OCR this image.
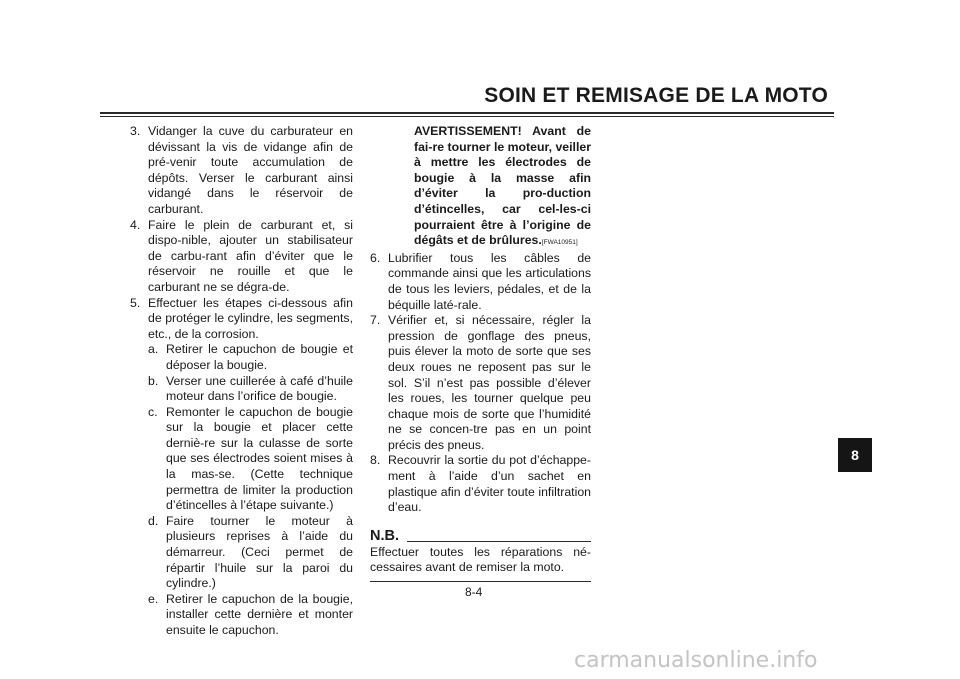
SOIN ET REMISAGE DE LA MOTO
3. Vidanger la cuve du carburateur en dévissant la vis de vidange afin de pré-venir toute accumulation de dépôts. Verser le carburant ainsi vidangé dans le réservoir de carburant.
4. Faire le plein de carburant et, si dispo-nible, ajouter un stabilisateur de carbu-rant afin d’éviter que le réservoir ne rouille et que le carburant ne se dégra-de.
5. Effectuer les étapes ci-dessous afin de protéger le cylindre, les segments, etc., de la corrosion.
a. Retirer le capuchon de bougie et déposer la bougie.
b. Verser une cuillerée à café d’huile moteur dans l’orifice de bougie.
c. Remonter le capuchon de bougie sur la bougie et placer cette derniè-re sur la culasse de sorte que ses électrodes soient mises à la mas-se. (Cette technique permettra de limiter la production d’étincelles à l’étape suivante.)
d. Faire tourner le moteur à plusieurs reprises à l’aide du démarreur. (Ceci permet de répartir l’huile sur la paroi du cylindre.)
e. Retirer le capuchon de la bougie, installer cette dernière et monter ensuite le capuchon.
AVERTISSEMENT! Avant de fai-re tourner le moteur, veiller à mettre les électrodes de bougie à la masse afin d’éviter la pro-duction d’étincelles, car cel-les-ci pourraient être à l’origine de dégâts et de brûlures.[FWA10951]
6. Lubrifier tous les câbles de commande ainsi que les articulations de tous les leviers, pédales, et de la béquille laté-rale.
7. Vérifier et, si nécessaire, régler la pression de gonflage des pneus, puis élever la moto de sorte que ses deux roues ne reposent pas sur le sol. S’il n’est pas possible d’élever les roues, les tourner quelque peu chaque mois de sorte que l’humidité ne se concen-tre pas en un point précis des pneus.
8. Recouvrir la sortie du pot d’échappe-ment à l’aide d’un sachet en plastique afin d’éviter toute infiltration d’eau.
N.B.
Effectuer toutes les réparations né-cessaires avant de remiser la moto.
8-4
8
carmanualsonline.info
